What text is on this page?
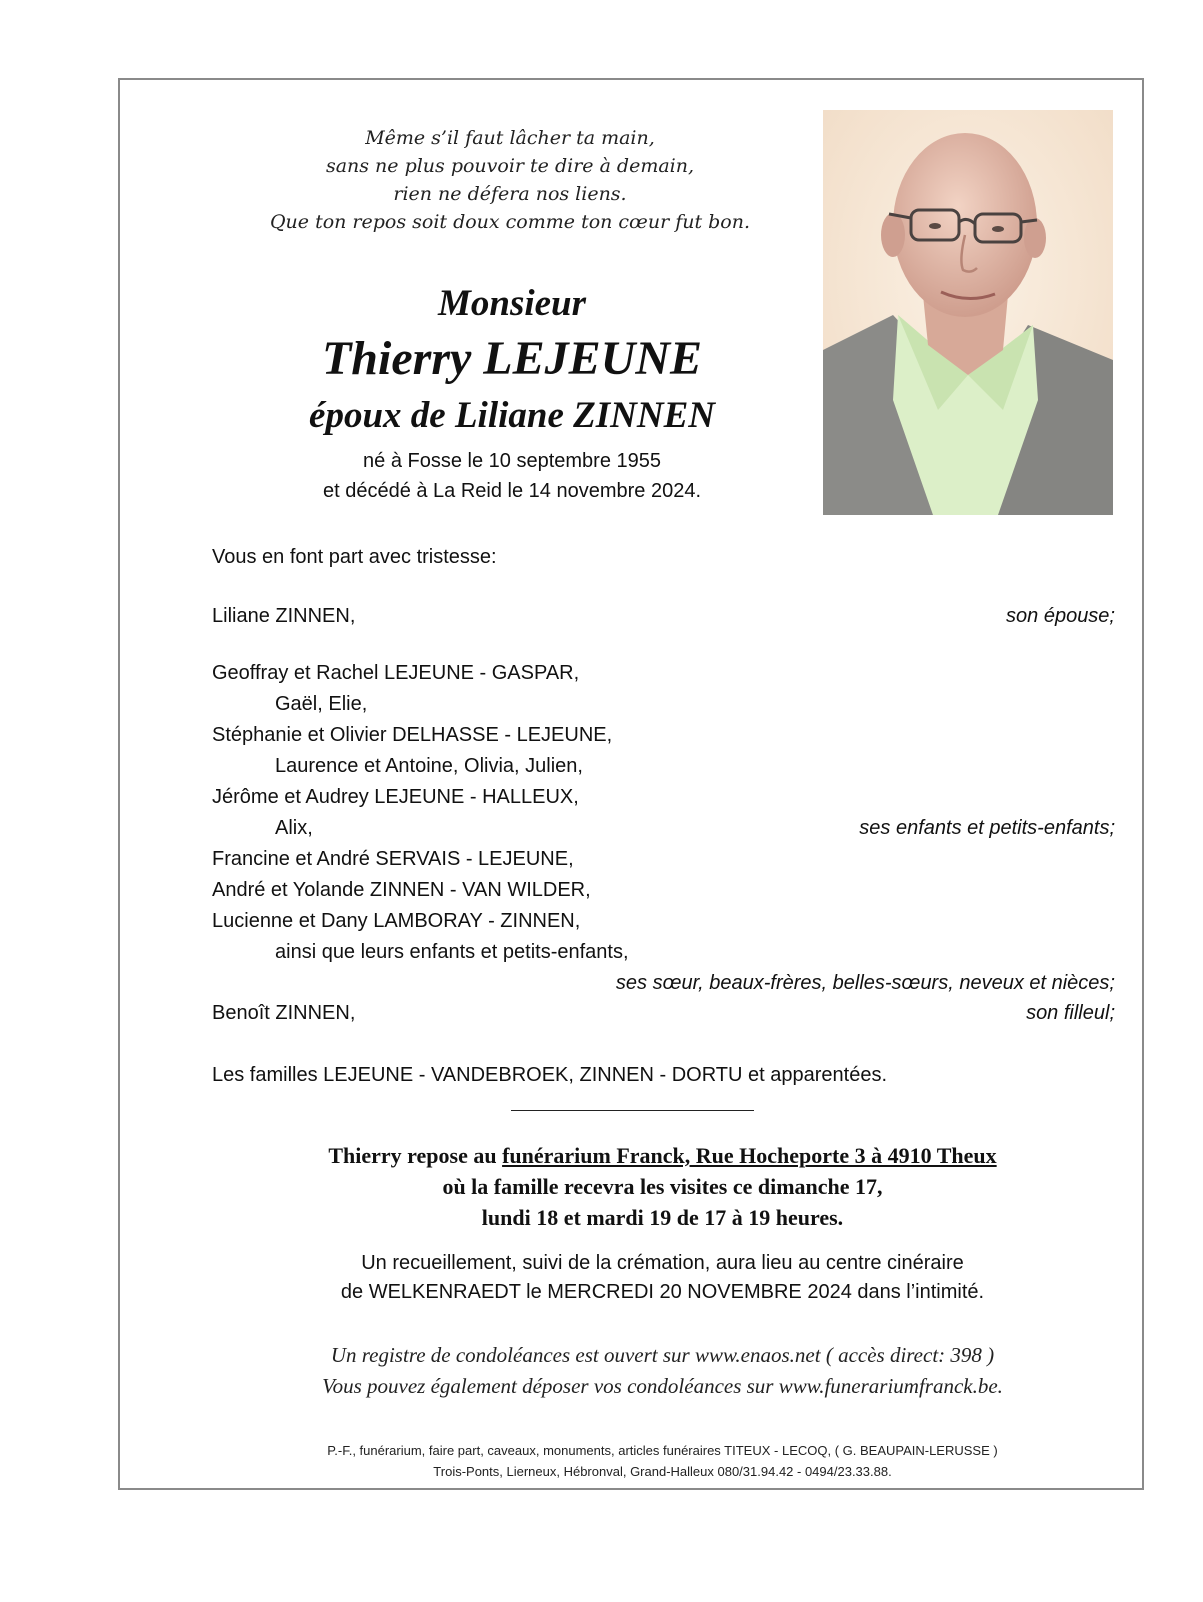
Même s’il faut lâcher ta main,
sans ne plus pouvoir te dire à demain,
rien ne défera nos liens.
Que ton repos soit doux comme ton cœur fut bon.
Monsieur
Thierry LEJEUNE
époux de Liliane ZINNEN
né à Fosse le 10 septembre 1955
et décédé à La Reid le 14 novembre 2024.
Vous en font part avec tristesse:
Liliane ZINNEN,	son épouse;
Geoffray et Rachel LEJEUNE - GASPAR,
Gaël, Elie,
Stéphanie et Olivier DELHASSE - LEJEUNE,
Laurence et Antoine, Olivia, Julien,
Jérôme et Audrey LEJEUNE - HALLEUX,
Alix,	ses enfants et petits-enfants;
Francine et André SERVAIS - LEJEUNE,
André et Yolande ZINNEN - VAN WILDER,
Lucienne et Dany LAMBORAY - ZINNEN,
ainsi que leurs enfants et petits-enfants,
ses sœur, beaux-frères, belles-sœurs, neveux et nièces;
Benoît ZINNEN,	son filleul;
Les familles LEJEUNE - VANDEBROEK, ZINNEN - DORTU et apparentées.
Thierry repose au funérarium Franck, Rue Hocheporte 3 à 4910 Theux
où la famille recevra les visites ce dimanche 17,
lundi 18 et mardi 19 de 17 à 19 heures.
Un recueillement, suivi de la crémation, aura lieu au centre cinéraire
de WELKENRAEDT le MERCREDI 20 NOVEMBRE 2024 dans l’intimité.
Un registre de condoléances est ouvert sur www.enaos.net ( accès direct: 398 )
Vous pouvez également déposer vos condoléances sur www.funerariumfranck.be.
P.-F., funérarium, faire part, caveaux, monuments, articles funéraires TITEUX - LECOQ, ( G. BEAUPAIN-LERUSSE )
Trois-Ponts, Lierneux, Hébronval, Grand-Halleux 080/31.94.42 - 0494/23.33.88.
